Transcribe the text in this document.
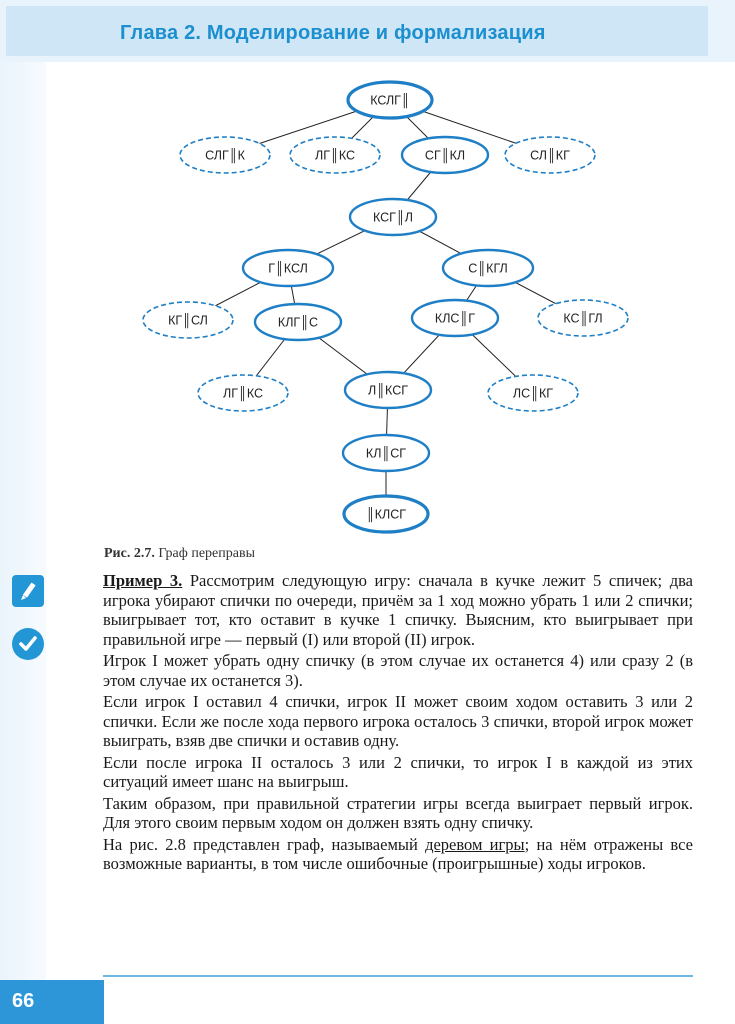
Глава 2. Моделирование и формализация
КСЛГ║
СЛГ║К	ЛГ║КС	СГ║КЛ	СЛ║КГ
КСГ║Л
Г║КСЛ	С║КГЛ
КГ║СЛ	КЛГ║С	КЛС║Г	КС║ГЛ
ЛГ║КС	Л║КСГ	ЛС║КГ
КЛ║СГ
║КЛСГ
Рис. 2.7. Граф переправы

Пример 3. Рассмотрим следующую игру: сначала в кучке лежит 5 спичек; два игрока убирают спички по очереди, причём за 1 ход можно убрать 1 или 2 спички; выигрывает тот, кто оставит в кучке 1 спичку. Выясним, кто выигрывает при правильной игре — первый (I) или второй (II) игрок.

Игрок I может убрать одну спичку (в этом случае их останется 4) или сразу 2 (в этом случае их останется 3).

Если игрок I оставил 4 спички, игрок II может своим ходом оставить 3 или 2 спички. Если же после хода первого игрока осталось 3 спички, второй игрок может выиграть, взяв две спички и оставив одну.

Если после игрока II осталось 3 или 2 спички, то игрок I в каждой из этих ситуаций имеет шанс на выигрыш.

Таким образом, при правильной стратегии игры всегда выиграет первый игрок. Для этого своим первым ходом он должен взять одну спичку.

На рис. 2.8 представлен граф, называемый деревом игры; на нём отражены все возможные варианты, в том числе ошибочные (проигрышные) ходы игроков.

66
